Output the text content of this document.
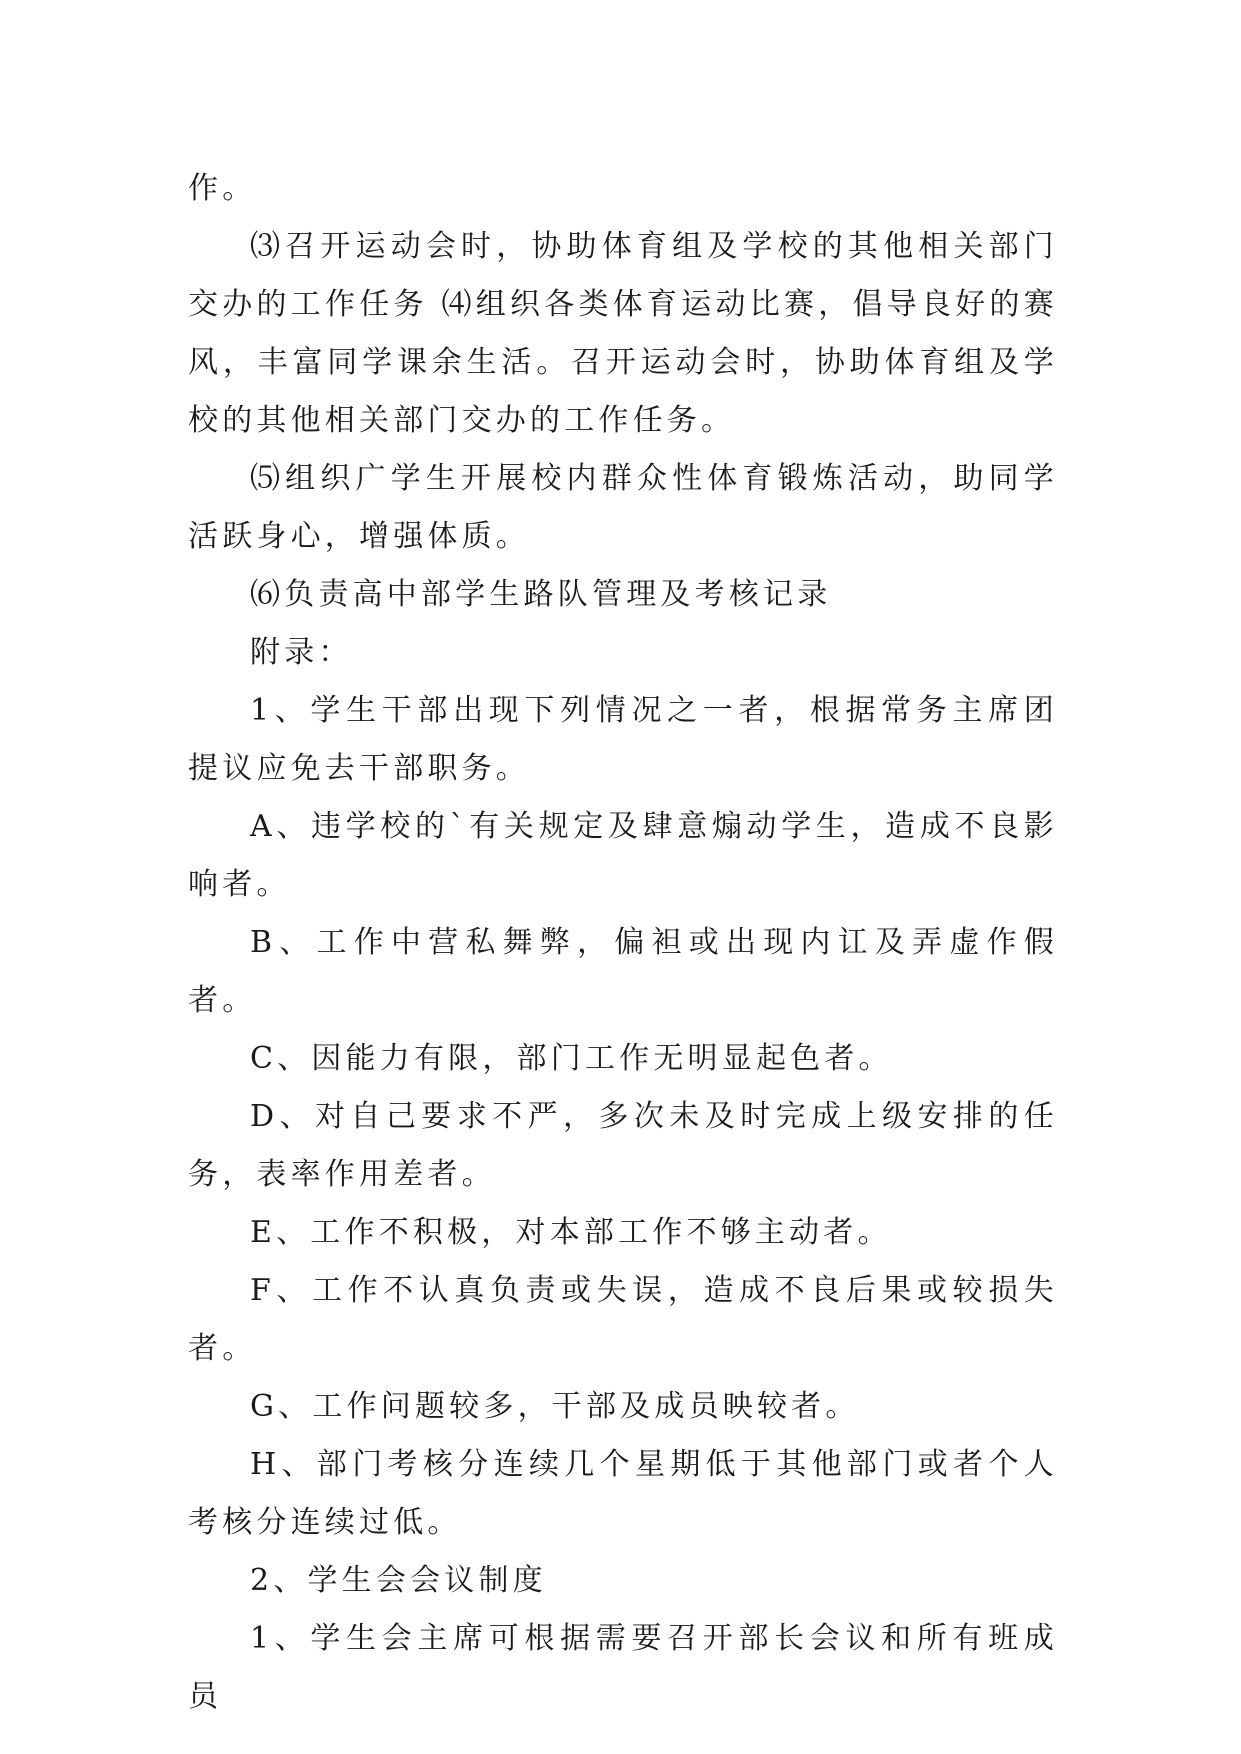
作。

⑶召开运动会时，协助体育组及学校的其他相关部门交办的工作任务 ⑷组织各类体育运动比赛，倡导良好的赛风，丰富同学课余生活。召开运动会时，协助体育组及学校的其他相关部门交办的工作任务。

⑸组织广学生开展校内群众性体育锻炼活动，助同学活跃身心，增强体质。

⑹负责高中部学生路队管理及考核记录

附录：

1、学生干部出现下列情况之一者，根据常务主席团提议应免去干部职务。

A、违学校的`有关规定及肆意煽动学生，造成不良影响者。

B、工作中营私舞弊，偏袒或出现内讧及弄虚作假者。

C、因能力有限，部门工作无明显起色者。

D、对自己要求不严，多次未及时完成上级安排的任务，表率作用差者。

E、工作不积极，对本部工作不够主动者。

F、工作不认真负责或失误，造成不良后果或较损失者。

G、工作问题较多，干部及成员映较者。

H、部门考核分连续几个星期低于其他部门或者个人考核分连续过低。

2、学生会会议制度

1、学生会主席可根据需要召开部长会议和所有班成员
